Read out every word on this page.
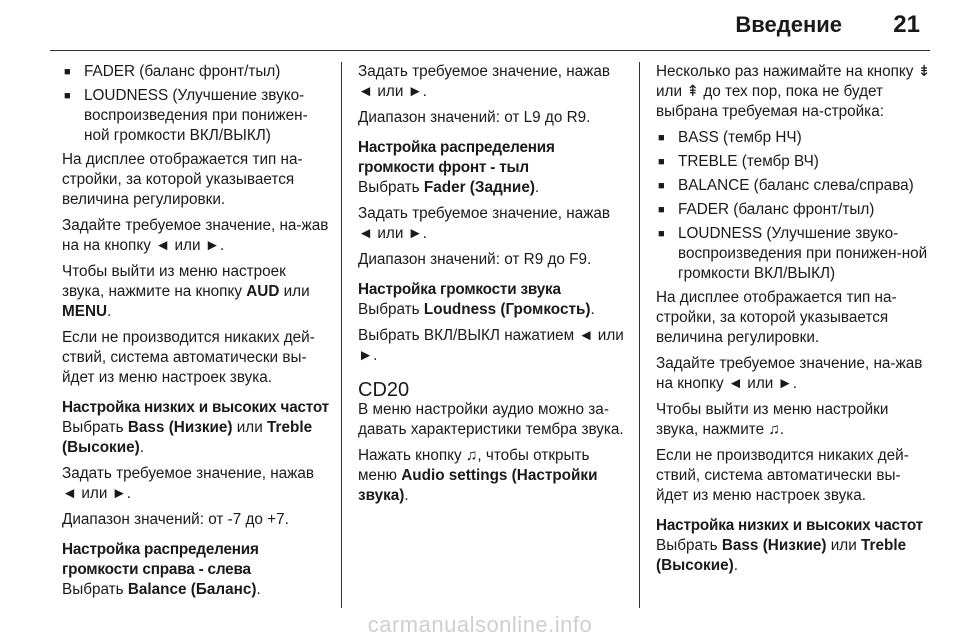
Введение 21
■ FADER (баланс фронт/тыл)
■ LOUDNESS (Улучшение звуко-воспроизведения при понижен-ной громкости ВКЛ/ВЫКЛ)

На дисплее отображается тип на-стройки, за которой указывается величина регулировки.

Задайте требуемое значение, на-жав на на кнопку ◄ или ►.

Чтобы выйти из меню настроек звука, нажмите на кнопку AUD или MENU.

Если не производится никаких дей-ствий, система автоматически вы-йдет из меню настроек звука.

Настройка низких и высоких частот

Выбрать Bass (Низкие) или Treble (Высокие).

Задать требуемое значение, нажав ◄ или ►.

Диапазон значений: от -7 до +7.

Настройка распределения громкости справа - слева

Выбрать Balance (Баланс).

Задать требуемое значение, нажав ◄ или ►.

Диапазон значений: от L9 до R9.

Настройка распределения громкости фронт - тыл

Выбрать Fader (Задние).

Задать требуемое значение, нажав ◄ или ►.

Диапазон значений: от R9 до F9.

Настройка громкости звука

Выбрать Loudness (Громкость).

Выбрать ВКЛ/ВЫКЛ нажатием ◄ или ►.

CD20

В меню настройки аудио можно за-давать характеристики тембра звука.

Нажать кнопку ♫, чтобы открыть меню Audio settings (Настройки звука).

Несколько раз нажимайте на кнопку ⇟ или ⇞ до тех пор, пока не будет выбрана требуемая на-стройка:

■ BASS (тембр НЧ)
■ TREBLE (тембр ВЧ)
■ BALANCE (баланс слева/справа)
■ FADER (баланс фронт/тыл)
■ LOUDNESS (Улучшение звуко-воспроизведения при понижен-ной громкости ВКЛ/ВЫКЛ)

На дисплее отображается тип на-стройки, за которой указывается величина регулировки.

Задайте требуемое значение, на-жав на кнопку ◄ или ►.

Чтобы выйти из меню настройки звука, нажмите ♫.

Если не производится никаких дей-ствий, система автоматически вы-йдет из меню настроек звука.

Настройка низких и высоких частот

Выбрать Bass (Низкие) или Treble (Высокие).

carmanualsonline.info
